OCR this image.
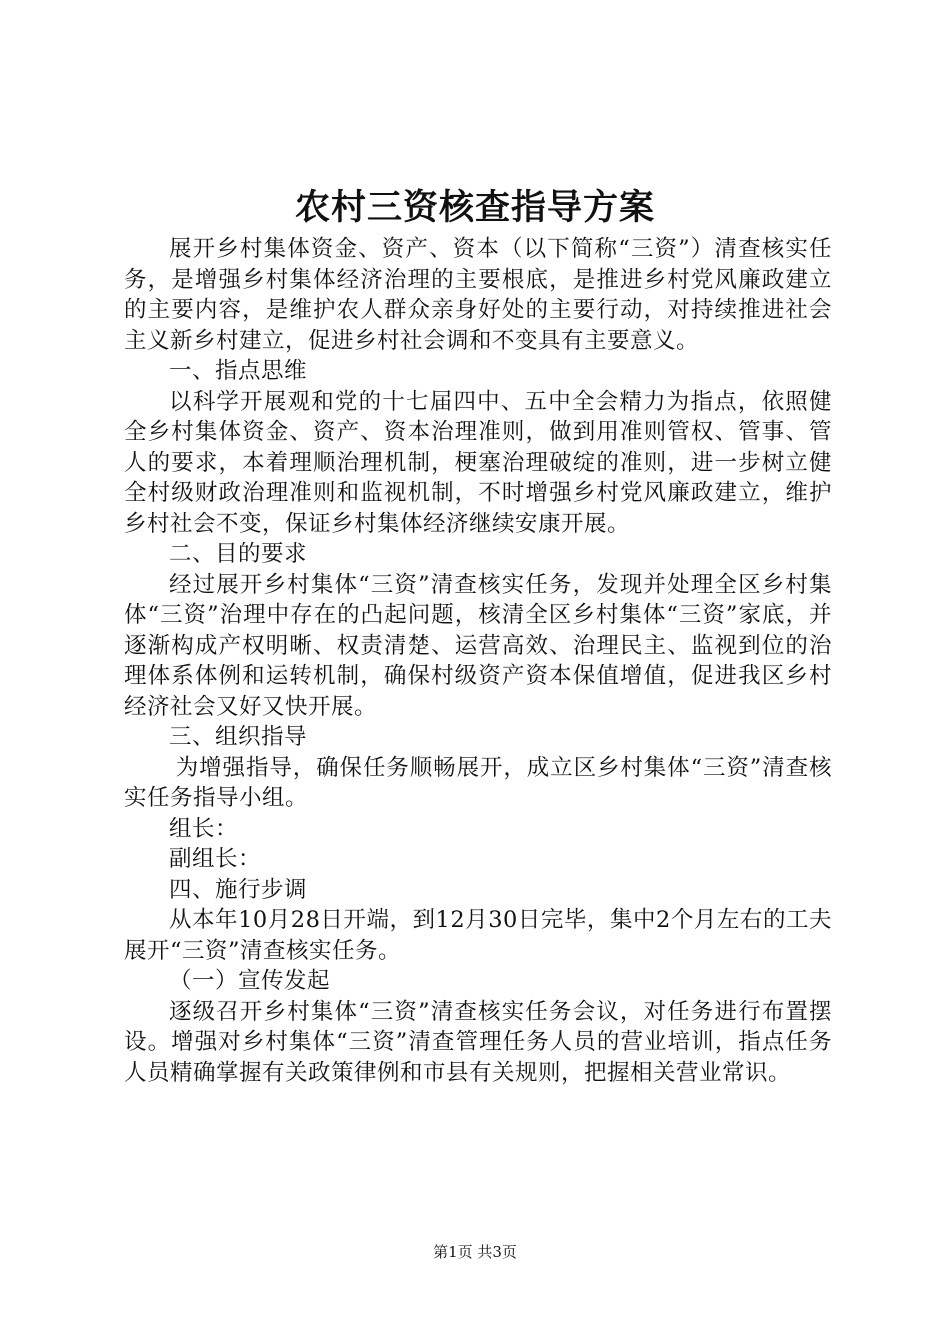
农村三资核查指导方案

展开乡村集体资金、资产、资本（以下简称“三资”）清查核实任务，是增强乡村集体经济治理的主要根底，是推进乡村党风廉政建立的主要内容，是维护农人群众亲身好处的主要行动，对持续推进社会主义新乡村建立，促进乡村社会调和不变具有主要意义。

一、指点思维

以科学开展观和党的十七届四中、五中全会精力为指点，依照健全乡村集体资金、资产、资本治理准则，做到用准则管权、管事、管人的要求，本着理顺治理机制，梗塞治理破绽的准则，进一步树立健全村级财政治理准则和监视机制，不时增强乡村党风廉政建立，维护乡村社会不变，保证乡村集体经济继续安康开展。

二、目的要求

经过展开乡村集体“三资”清查核实任务，发现并处理全区乡村集体“三资”治理中存在的凸起问题，核清全区乡村集体“三资”家底，并逐渐构成产权明晰、权责清楚、运营高效、治理民主、监视到位的治理体系体例和运转机制，确保村级资产资本保值增值，促进我区乡村经济社会又好又快开展。

三、组织指导

为增强指导，确保任务顺畅展开，成立区乡村集体“三资”清查核实任务指导小组。

组长：

副组长：

四、施行步调

从本年10月28日开端，到12月30日完毕，集中2个月左右的工夫展开“三资”清查核实任务。

（一）宣传发起

逐级召开乡村集体“三资”清查核实任务会议，对任务进行布置摆设。增强对乡村集体“三资”清查管理任务人员的营业培训，指点任务人员精确掌握有关政策律例和市县有关规则，把握相关营业常识。

第1页 共3页
